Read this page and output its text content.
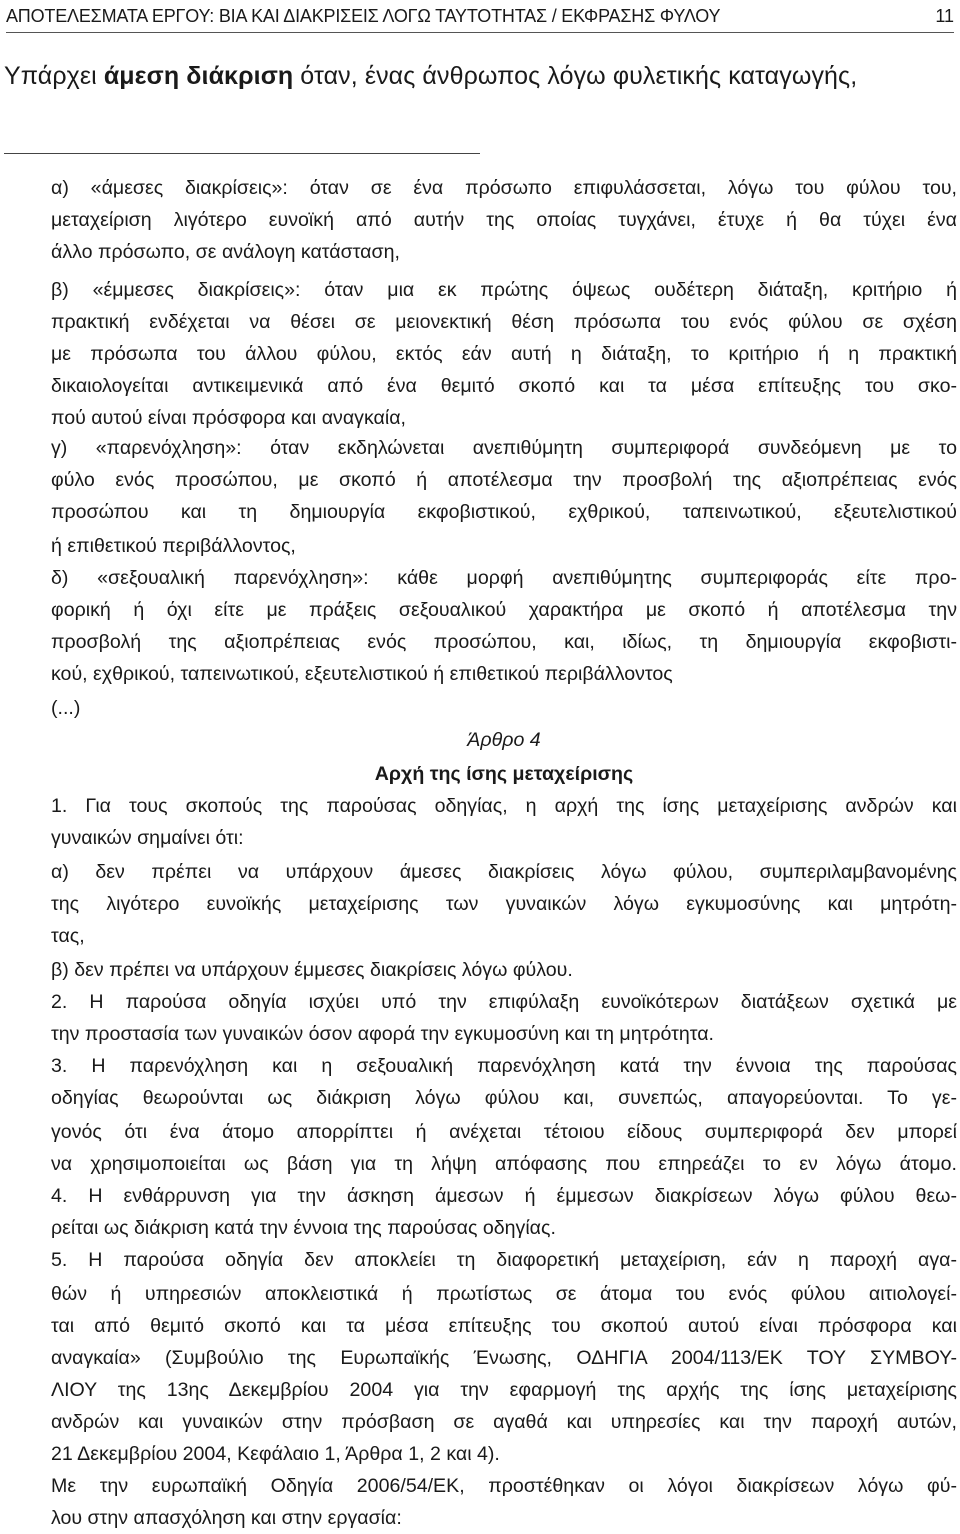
ΑΠΟΤΕΛΕΣΜΑΤΑ ΕΡΓΟΥ: ΒΙΑ ΚΑΙ ΔΙΑΚΡΙΣΕΙΣ ΛΟΓΩ ΤΑΥΤΟΤΗΤΑΣ / ΕΚΦΡΑΣΗΣ ΦΥΛΟΥ	11
Υπάρχει άμεση διάκριση όταν, ένας άνθρωπος λόγω φυλετικής καταγωγής,
α) «άμεσες διακρίσεις»: όταν σε ένα πρόσωπο επιφυλάσσεται, λόγω του φύλου του,
μεταχείριση λιγότερο ευνοϊκή από αυτήν της οποίας τυγχάνει, έτυχε ή θα τύχει ένα
άλλο πρόσωπο, σε ανάλογη κατάσταση,
β) «έμμεσες διακρίσεις»: όταν μια εκ πρώτης όψεως ουδέτερη διάταξη, κριτήριο ή
πρακτική ενδέχεται να θέσει σε μειονεκτική θέση πρόσωπα του ενός φύλου σε σχέση
με πρόσωπα του άλλου φύλου, εκτός εάν αυτή η διάταξη, το κριτήριο ή η πρακτική
δικαιολογείται αντικειμενικά από ένα θεμιτό σκοπό και τα μέσα επίτευξης του σκο-
πού αυτού είναι πρόσφορα και αναγκαία,
γ) «παρενόχληση»: όταν εκδηλώνεται ανεπιθύμητη συμπεριφορά συνδεόμενη με το
φύλο ενός προσώπου, με σκοπό ή αποτέλεσμα την προσβολή της αξιοπρέπειας ενός
προσώπου και τη δημιουργία εκφοβιστικού, εχθρικού, ταπεινωτικού, εξευτελιστικού
ή επιθετικού περιβάλλοντος,
δ) «σεξουαλική παρενόχληση»: κάθε μορφή ανεπιθύμητης συμπεριφοράς είτε προ-
φορική ή όχι είτε με πράξεις σεξουαλικού χαρακτήρα με σκοπό ή αποτέλεσμα την
προσβολή της αξιοπρέπειας ενός προσώπου, και, ιδίως, τη δημιουργία εκφοβιστι-
κού, εχθρικού, ταπεινωτικού, εξευτελιστικού ή επιθετικού περιβάλλοντος
(...)
Άρθρο 4
Αρχή της ίσης μεταχείρισης
1. Για τους σκοπούς της παρούσας οδηγίας, η αρχή της ίσης μεταχείρισης ανδρών και
γυναικών σημαίνει ότι:
α) δεν πρέπει να υπάρχουν άμεσες διακρίσεις λόγω φύλου, συμπεριλαμβανομένης
της λιγότερο ευνοϊκής μεταχείρισης των γυναικών λόγω εγκυμοσύνης και μητρότη-
τας,
β) δεν πρέπει να υπάρχουν έμμεσες διακρίσεις λόγω φύλου.
2. Η παρούσα οδηγία ισχύει υπό την επιφύλαξη ευνοϊκότερων διατάξεων σχετικά με
την προστασία των γυναικών όσον αφορά την εγκυμοσύνη και τη μητρότητα.
3. Η παρενόχληση και η σεξουαλική παρενόχληση κατά την έννοια της παρούσας
οδηγίας θεωρούνται ως διάκριση λόγω φύλου και, συνεπώς, απαγορεύονται. Το γε-
γονός ότι ένα άτομο απορρίπτει ή ανέχεται τέτοιου είδους συμπεριφορά δεν μπορεί
να χρησιμοποιείται ως βάση για τη λήψη απόφασης που επηρεάζει το εν λόγω άτομο.
4. Η ενθάρρυνση για την άσκηση άμεσων ή έμμεσων διακρίσεων λόγω φύλου θεω-
ρείται ως διάκριση κατά την έννοια της παρούσας οδηγίας.
5. Η παρούσα οδηγία δεν αποκλείει τη διαφορετική μεταχείριση, εάν η παροχή αγα-
θών ή υπηρεσιών αποκλειστικά ή πρωτίστως σε άτομα του ενός φύλου αιτιολογεί-
ται από θεμιτό σκοπό και τα μέσα επίτευξης του σκοπού αυτού είναι πρόσφορα και
αναγκαία» (Συμβούλιο της Ευρωπαϊκής Ένωσης, ΟΔΗΓΙΑ 2004/113/ΕΚ ΤΟΥ ΣΥΜΒΟΥ-
ΛΙΟΥ της 13ης Δεκεμβρίου 2004 για την εφαρμογή της αρχής της ίσης μεταχείρισης
ανδρών και γυναικών στην πρόσβαση σε αγαθά και υπηρεσίες και την παροχή αυτών,
21 Δεκεμβρίου 2004, Κεφάλαιο 1, Άρθρα 1, 2 και 4).
Με την ευρωπαϊκή Οδηγία 2006/54/ΕΚ, προστέθηκαν οι λόγοι διακρίσεων λόγω φύ-
λου στην απασχόληση και στην εργασία:
